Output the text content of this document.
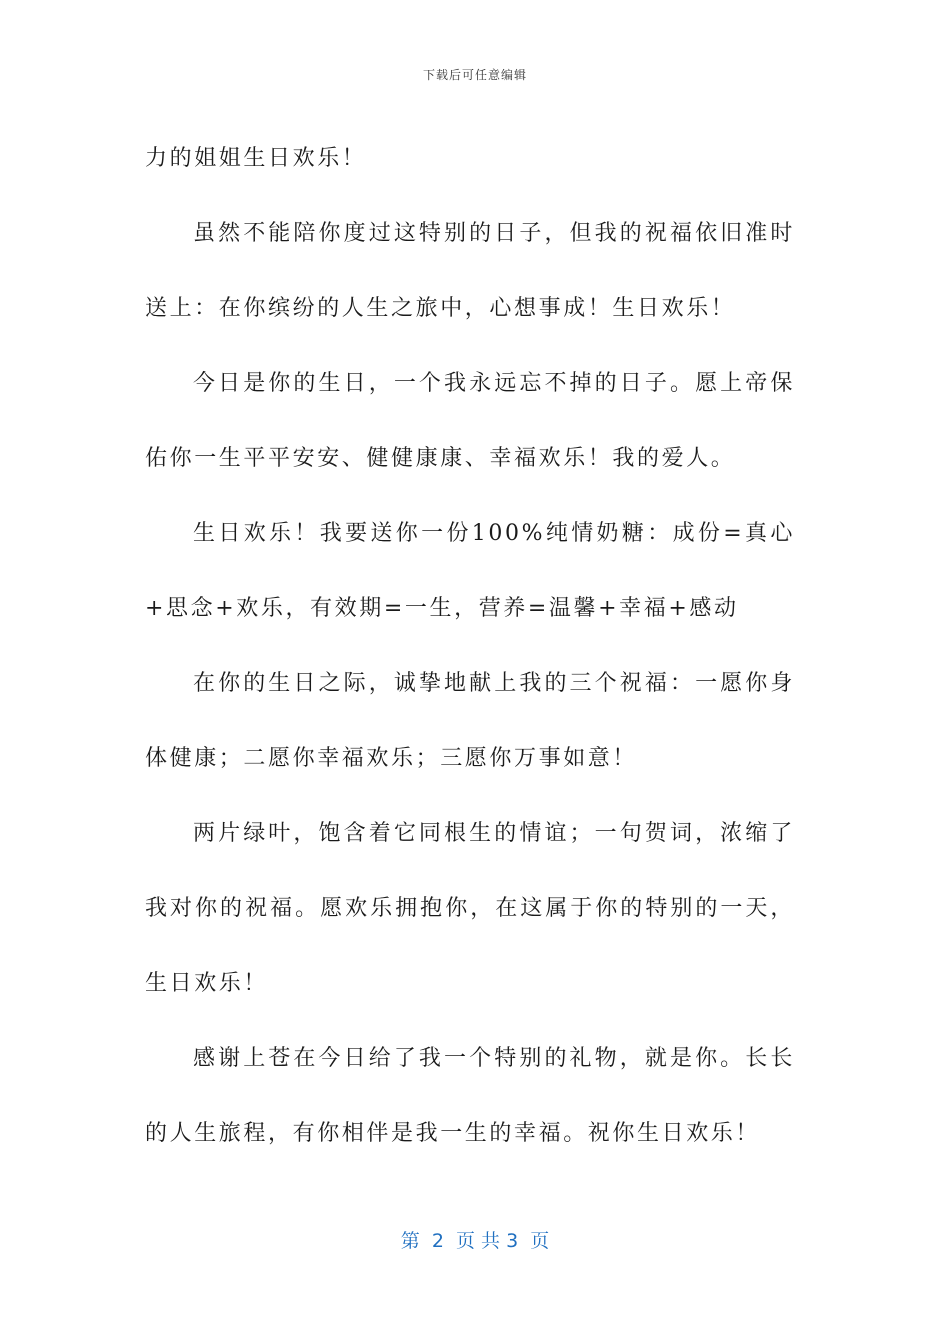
下载后可任意编辑

力的姐姐生日欢乐！

虽然不能陪你度过这特别的日子，但我的祝福依旧准时送上：在你缤纷的人生之旅中，心想事成！生日欢乐！

今日是你的生日，一个我永远忘不掉的日子。愿上帝保佑你一生平平安安、健健康康、幸福欢乐！我的爱人。

生日欢乐！我要送你一份100%纯情奶糖：成份=真心+思念+欢乐，有效期=一生，营养=温馨+幸福+感动

在你的生日之际，诚挚地献上我的三个祝福：一愿你身体健康；二愿你幸福欢乐；三愿你万事如意！

两片绿叶，饱含着它同根生的情谊；一句贺词，浓缩了我对你的祝福。愿欢乐拥抱你，在这属于你的特别的一天，生日欢乐！

感谢上苍在今日给了我一个特别的礼物，就是你。长长的人生旅程，有你相伴是我一生的幸福。祝你生日欢乐！

第  2  页 共 3  页
